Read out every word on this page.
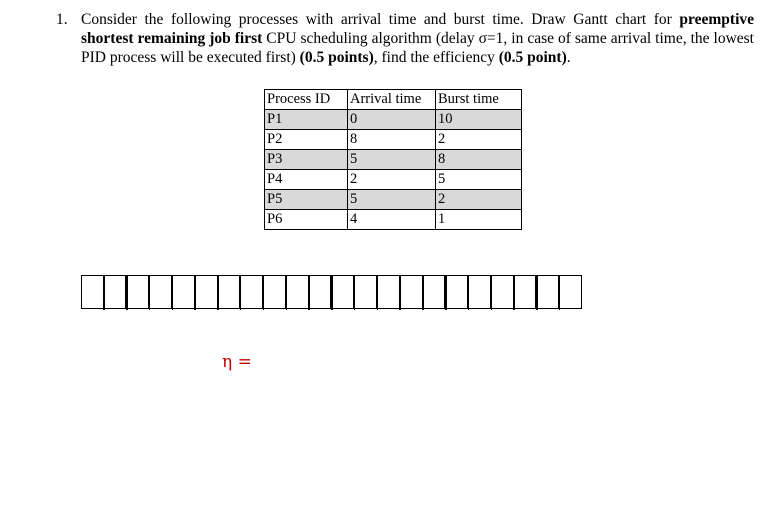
1. Consider the following processes with arrival time and burst time. Draw Gantt chart for preemptive shortest remaining job first CPU scheduling algorithm (delay σ=1, in case of same arrival time, the lowest PID process will be executed first) (0.5 points), find the efficiency (0.5 point).
Process ID	Arrival time	Burst time
P1	0	10
P2	8	2
P3	5	8
P4	2	5
P5	5	2
P6	4	1
η =
